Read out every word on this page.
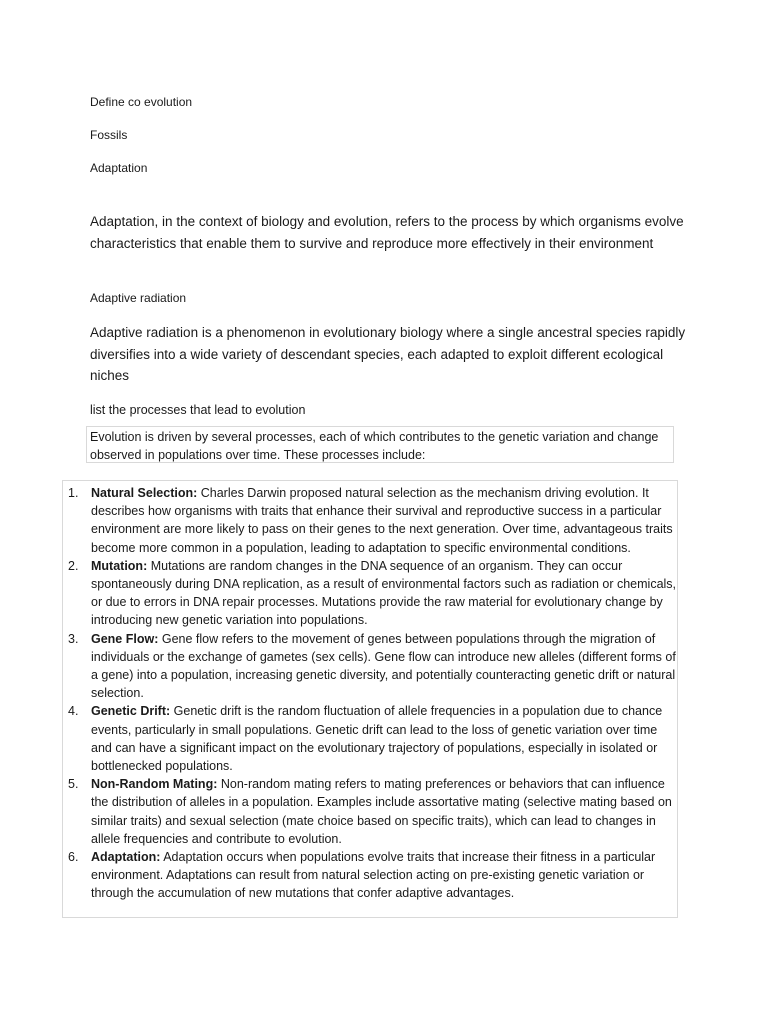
Define co evolution
Fossils
Adaptation
Adaptation, in the context of biology and evolution, refers to the process by which organisms evolve characteristics that enable them to survive and reproduce more effectively in their environment
Adaptive radiation
Adaptive radiation is a phenomenon in evolutionary biology where a single ancestral species rapidly diversifies into a wide variety of descendant species, each adapted to exploit different ecological niches
list the processes that lead to evolution
Evolution is driven by several processes, each of which contributes to the genetic variation and change observed in populations over time. These processes include:
1. Natural Selection: Charles Darwin proposed natural selection as the mechanism driving evolution. It describes how organisms with traits that enhance their survival and reproductive success in a particular environment are more likely to pass on their genes to the next generation. Over time, advantageous traits become more common in a population, leading to adaptation to specific environmental conditions.
2. Mutation: Mutations are random changes in the DNA sequence of an organism. They can occur spontaneously during DNA replication, as a result of environmental factors such as radiation or chemicals, or due to errors in DNA repair processes. Mutations provide the raw material for evolutionary change by introducing new genetic variation into populations.
3. Gene Flow: Gene flow refers to the movement of genes between populations through the migration of individuals or the exchange of gametes (sex cells). Gene flow can introduce new alleles (different forms of a gene) into a population, increasing genetic diversity, and potentially counteracting genetic drift or natural selection.
4. Genetic Drift: Genetic drift is the random fluctuation of allele frequencies in a population due to chance events, particularly in small populations. Genetic drift can lead to the loss of genetic variation over time and can have a significant impact on the evolutionary trajectory of populations, especially in isolated or bottlenecked populations.
5. Non-Random Mating: Non-random mating refers to mating preferences or behaviors that can influence the distribution of alleles in a population. Examples include assortative mating (selective mating based on similar traits) and sexual selection (mate choice based on specific traits), which can lead to changes in allele frequencies and contribute to evolution.
6. Adaptation: Adaptation occurs when populations evolve traits that increase their fitness in a particular environment. Adaptations can result from natural selection acting on pre-existing genetic variation or through the accumulation of new mutations that confer adaptive advantages.
